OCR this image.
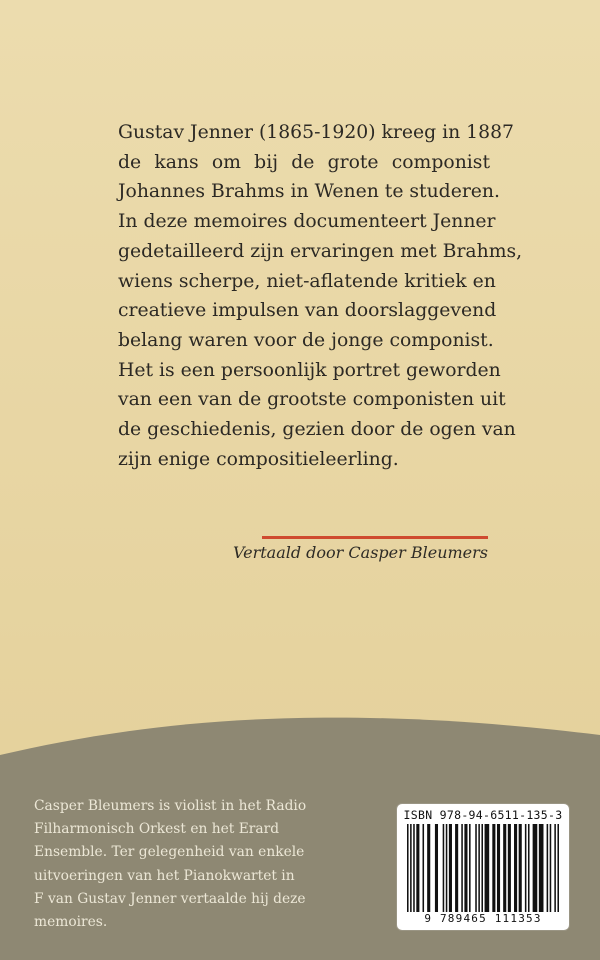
Gustav Jenner (1865-1920) kreeg in 1887
de kans om bij de grote componist
Johannes Brahms in Wenen te studeren.
In deze memoires documenteert Jenner
gedetailleerd zijn ervaringen met Brahms,
wiens scherpe, niet-aflatende kritiek en
creatieve impulsen van doorslaggevend
belang waren voor de jonge componist.
Het is een persoonlijk portret geworden
van een van de grootste componisten uit
de geschiedenis, gezien door de ogen van
zijn enige compositieleerling.

Vertaald door Casper Bleumers

Casper Bleumers is violist in het Radio
Filharmonisch Orkest en het Erard
Ensemble. Ter gelegenheid van enkele
uitvoeringen van het Pianokwartet in
F van Gustav Jenner vertaalde hij deze
memoires.
ISBN 978-94-6511-135-3
9 789465 111353
